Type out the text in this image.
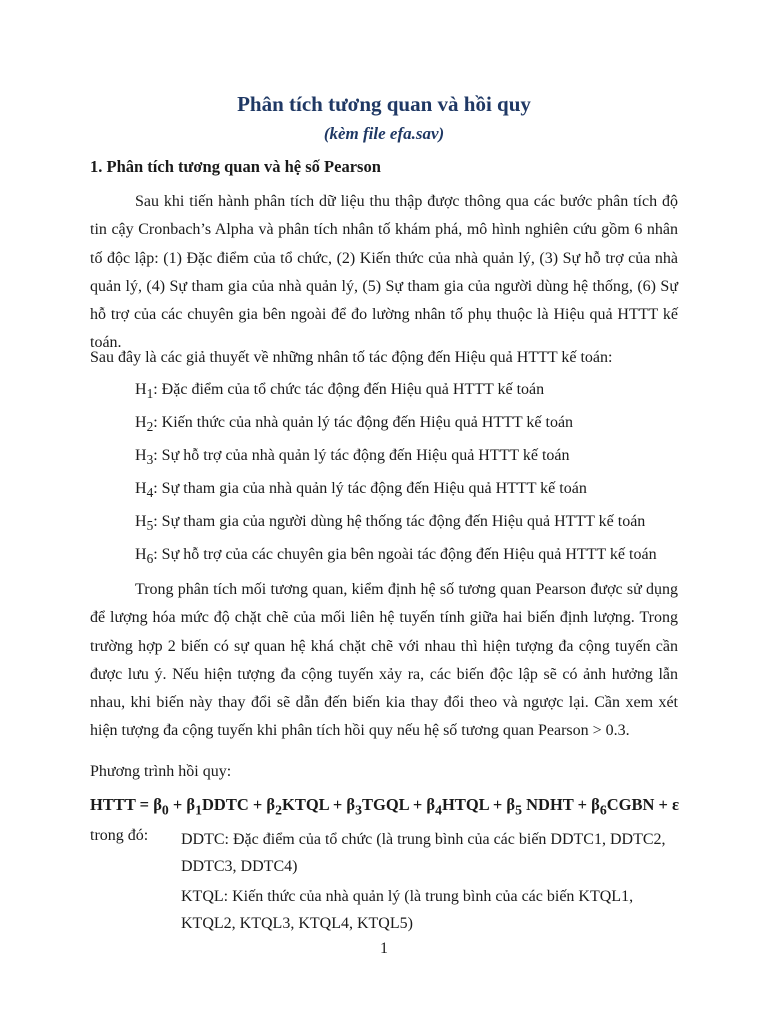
Phân tích tương quan và hồi quy
(kèm file efa.sav)
1. Phân tích tương quan và hệ số Pearson
Sau khi tiến hành phân tích dữ liệu thu thập được thông qua các bước phân tích độ tin cậy Cronbach’s Alpha và phân tích nhân tố khám phá, mô hình nghiên cứu gồm 6 nhân tố độc lập: (1) Đặc điểm của tổ chức, (2) Kiến thức của nhà quản lý, (3) Sự hỗ trợ của nhà quản lý, (4) Sự tham gia của nhà quản lý, (5) Sự tham gia của người dùng hệ thống, (6) Sự hỗ trợ của các chuyên gia bên ngoài để đo lường nhân tố phụ thuộc là Hiệu quả HTTT kế toán.
Sau đây là các giả thuyết về những nhân tố tác động đến Hiệu quả HTTT kế toán:
$H_1$: Đặc điểm của tổ chức tác động đến Hiệu quả HTTT kế toán
$H_2$: Kiến thức của nhà quản lý tác động đến Hiệu quả HTTT kế toán
$H_3$: Sự hỗ trợ của nhà quản lý tác động đến Hiệu quả HTTT kế toán
$H_4$: Sự tham gia của nhà quản lý tác động đến Hiệu quả HTTT kế toán
$H_5$: Sự tham gia của người dùng hệ thống tác động đến Hiệu quả HTTT kế toán
$H_6$: Sự hỗ trợ của các chuyên gia bên ngoài tác động đến Hiệu quả HTTT kế toán
Trong phân tích mối tương quan, kiểm định hệ số tương quan Pearson được sử dụng để lượng hóa mức độ chặt chẽ của mối liên hệ tuyến tính giữa hai biến định lượng. Trong trường hợp 2 biến có sự quan hệ khá chặt chẽ với nhau thì hiện tượng đa cộng tuyến cần được lưu ý. Nếu hiện tượng đa cộng tuyến xảy ra, các biến độc lập sẽ có ảnh hưởng lẫn nhau, khi biến này thay đổi sẽ dẫn đến biến kia thay đổi theo và ngược lại. Cần xem xét hiện tượng đa cộng tuyến khi phân tích hồi quy nếu hệ số tương quan Pearson > 0.3.
Phương trình hồi quy:
HTTT = $\beta_0$ + $\beta_1DDTC$ + $\beta_2KTQL$ + $\beta_3TGQL$ + $\beta_4HTQL + \beta_5$ NDHT + $\beta_6CGBN + \varepsilon$
trong đó: DDTC: Đặc điểm của tổ chức (là trung bình của các biến DDTC1, DDTC2, DDTC3, DDTC4)
KTQL: Kiến thức của nhà quản lý (là trung bình của các biến KTQL1, KTQL2, KTQL3, KTQL4, KTQL5)
1
